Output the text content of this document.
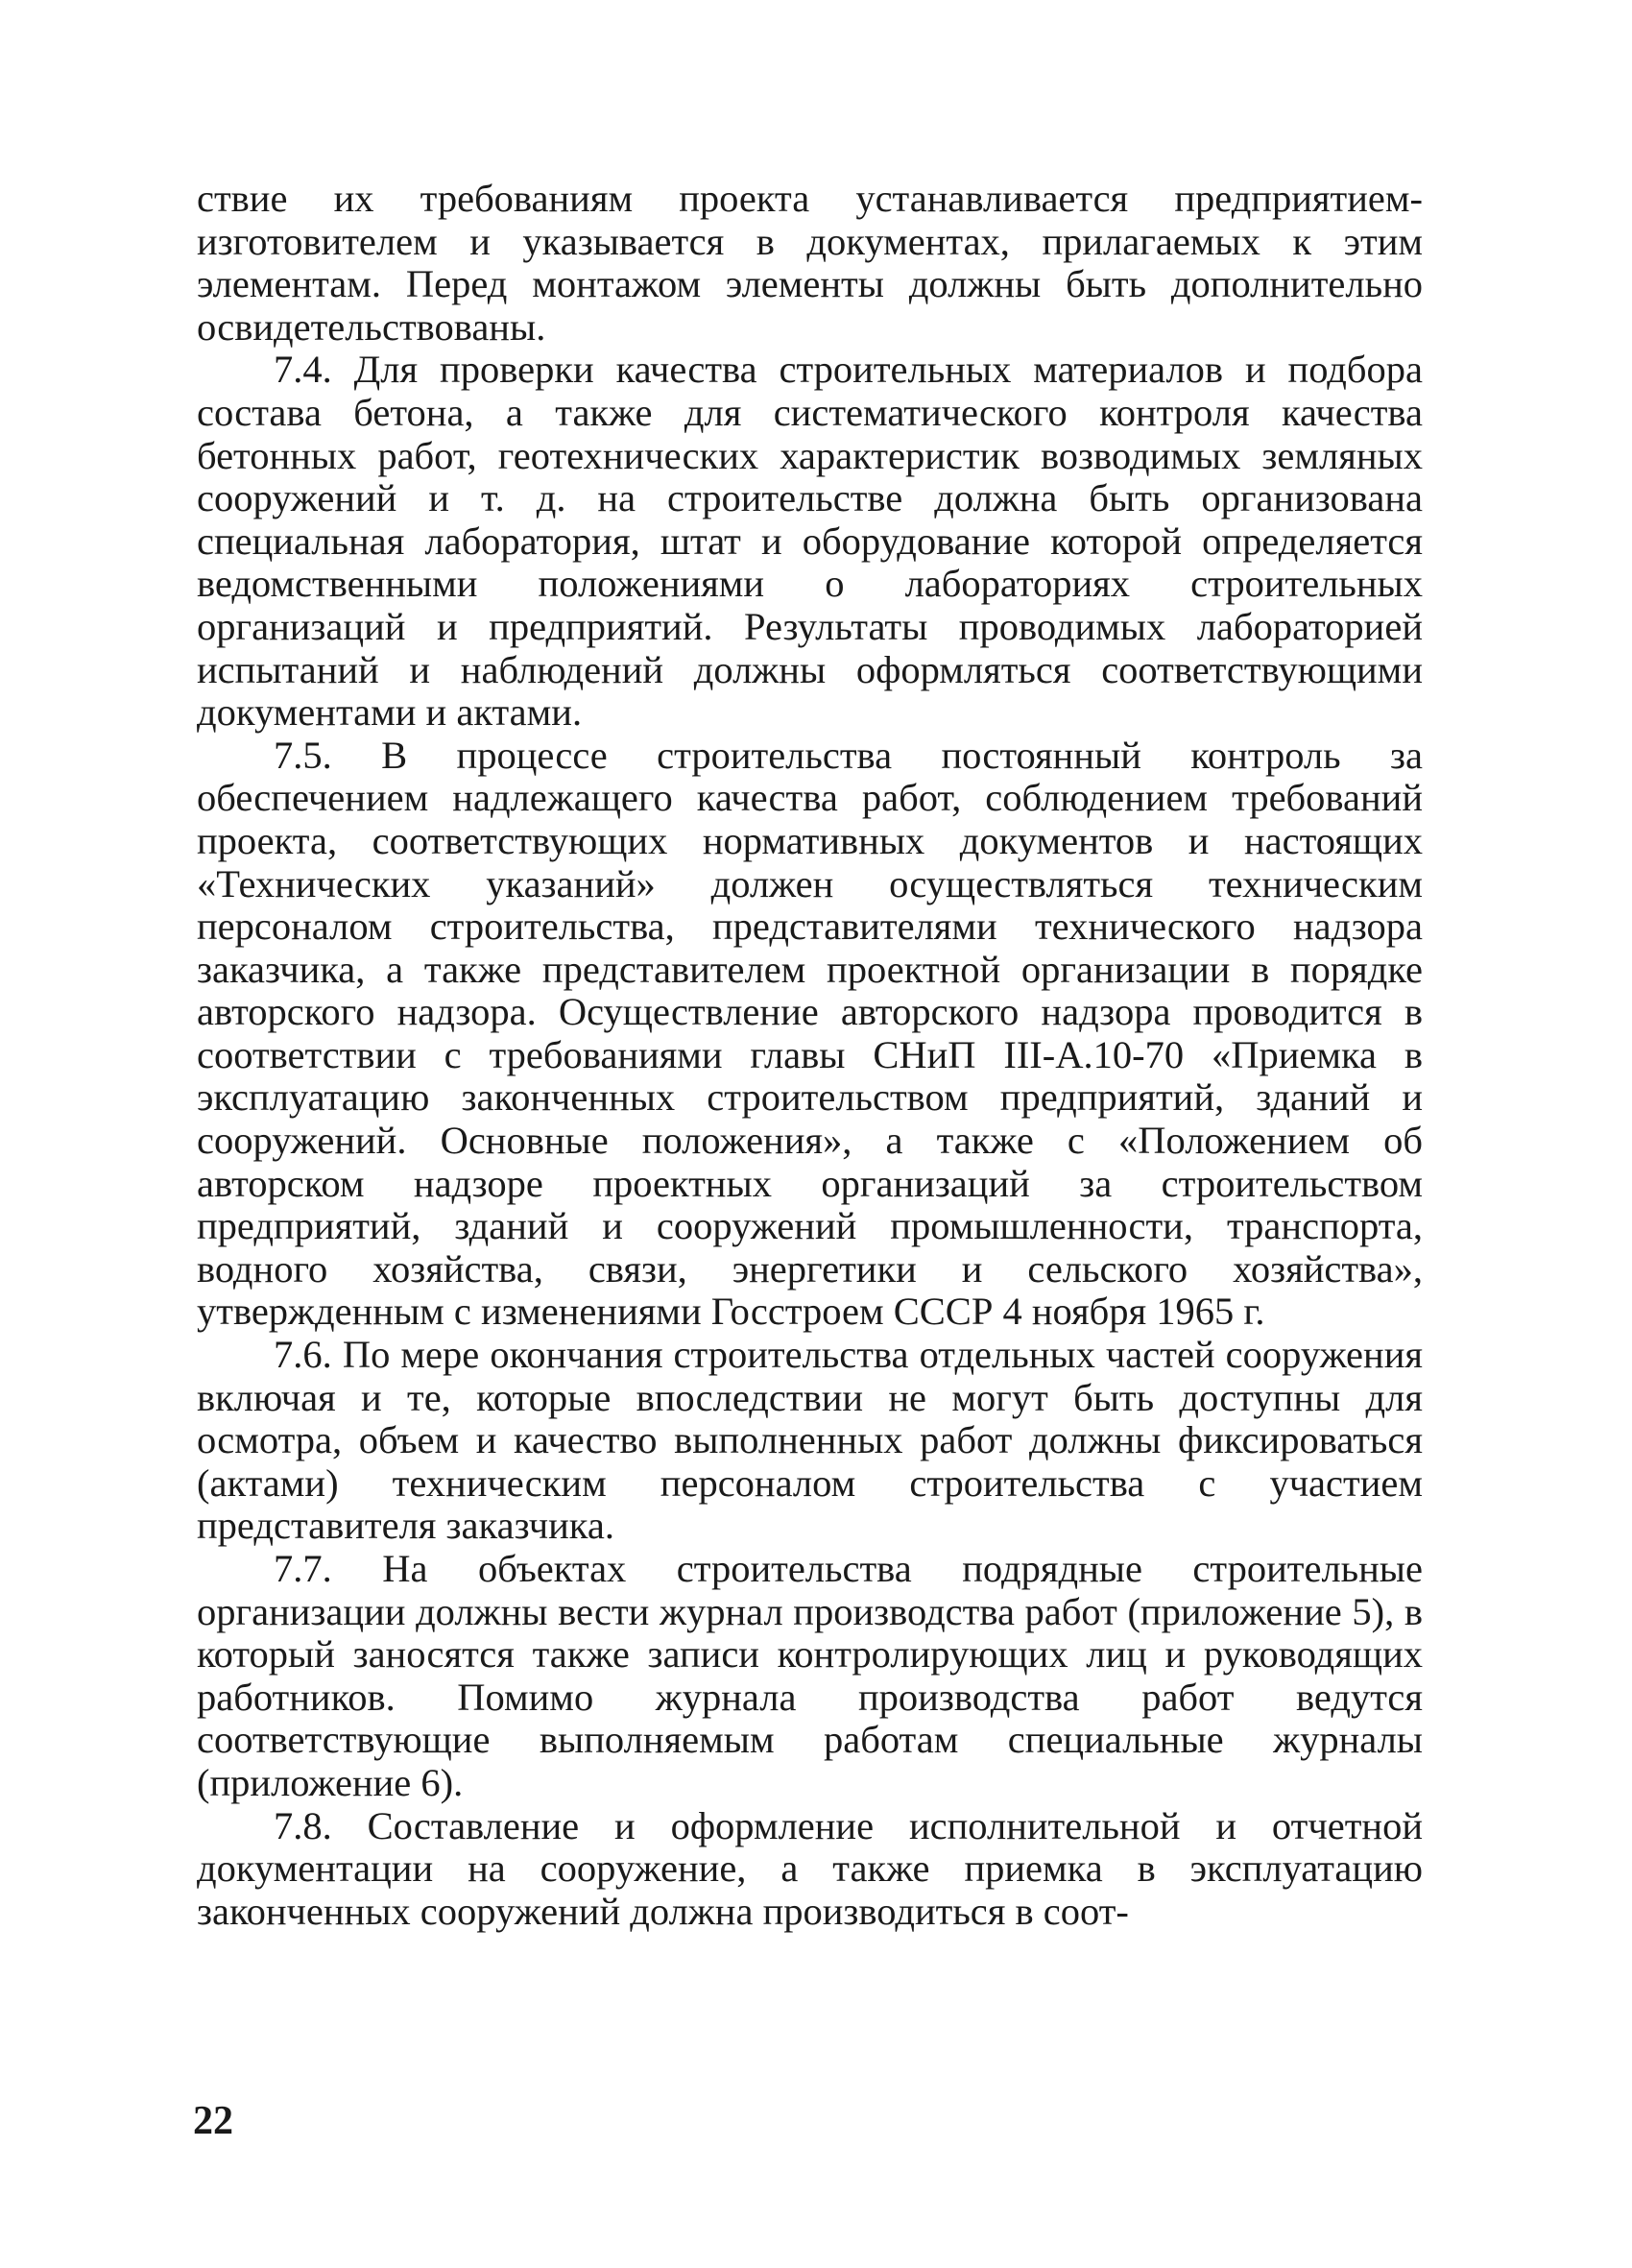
ствие их требованиям проекта устанавливается предприятием-изготовителем и указывается в документах, прилагаемых к этим элементам. Перед монтажом элементы должны быть дополнительно освидетельствованы.

7.4. Для проверки качества строительных материалов и подбора состава бетона, а также для систематического контроля качества бетонных работ, геотехнических характеристик возводимых земляных сооружений и т. д. на строительстве должна быть организована специальная лаборатория, штат и оборудование которой определяется ведомственными положениями о лабораториях строительных организаций и предприятий. Результаты проводимых лабораторией испытаний и наблюдений должны оформляться соответствующими документами и актами.

7.5. В процессе строительства постоянный контроль за обеспечением надлежащего качества работ, соблюдением требований проекта, соответствующих нормативных документов и настоящих «Технических указаний» должен осуществляться техническим персоналом строительства, представителями технического надзора заказчика, а также представителем проектной организации в порядке авторского надзора. Осуществление авторского надзора проводится в соответствии с требованиями главы СНиП III-А.10-70 «Приемка в эксплуатацию законченных строительством предприятий, зданий и сооружений. Основные положения», а также с «Положением об авторском надзоре проектных организаций за строительством предприятий, зданий и сооружений промышленности, транспорта, водного хозяйства, связи, энергетики и сельского хозяйства», утвержденным с изменениями Госстроем СССР 4 ноября 1965 г.

7.6. По мере окончания строительства отдельных частей сооружения включая и те, которые впоследствии не могут быть доступны для осмотра, объем и качество выполненных работ должны фиксироваться (актами) техническим персоналом строительства с участием представителя заказчика.

7.7. На объектах строительства подрядные строительные организации должны вести журнал производства работ (приложение 5), в который заносятся также записи контролирующих лиц и руководящих работников. Помимо журнала производства работ ведутся соответствующие выполняемым работам специальные журналы (приложение 6).

7.8. Составление и оформление исполнительной и отчетной документации на сооружение, а также приемка в эксплуатацию законченных сооружений должна производиться в соот-

22
